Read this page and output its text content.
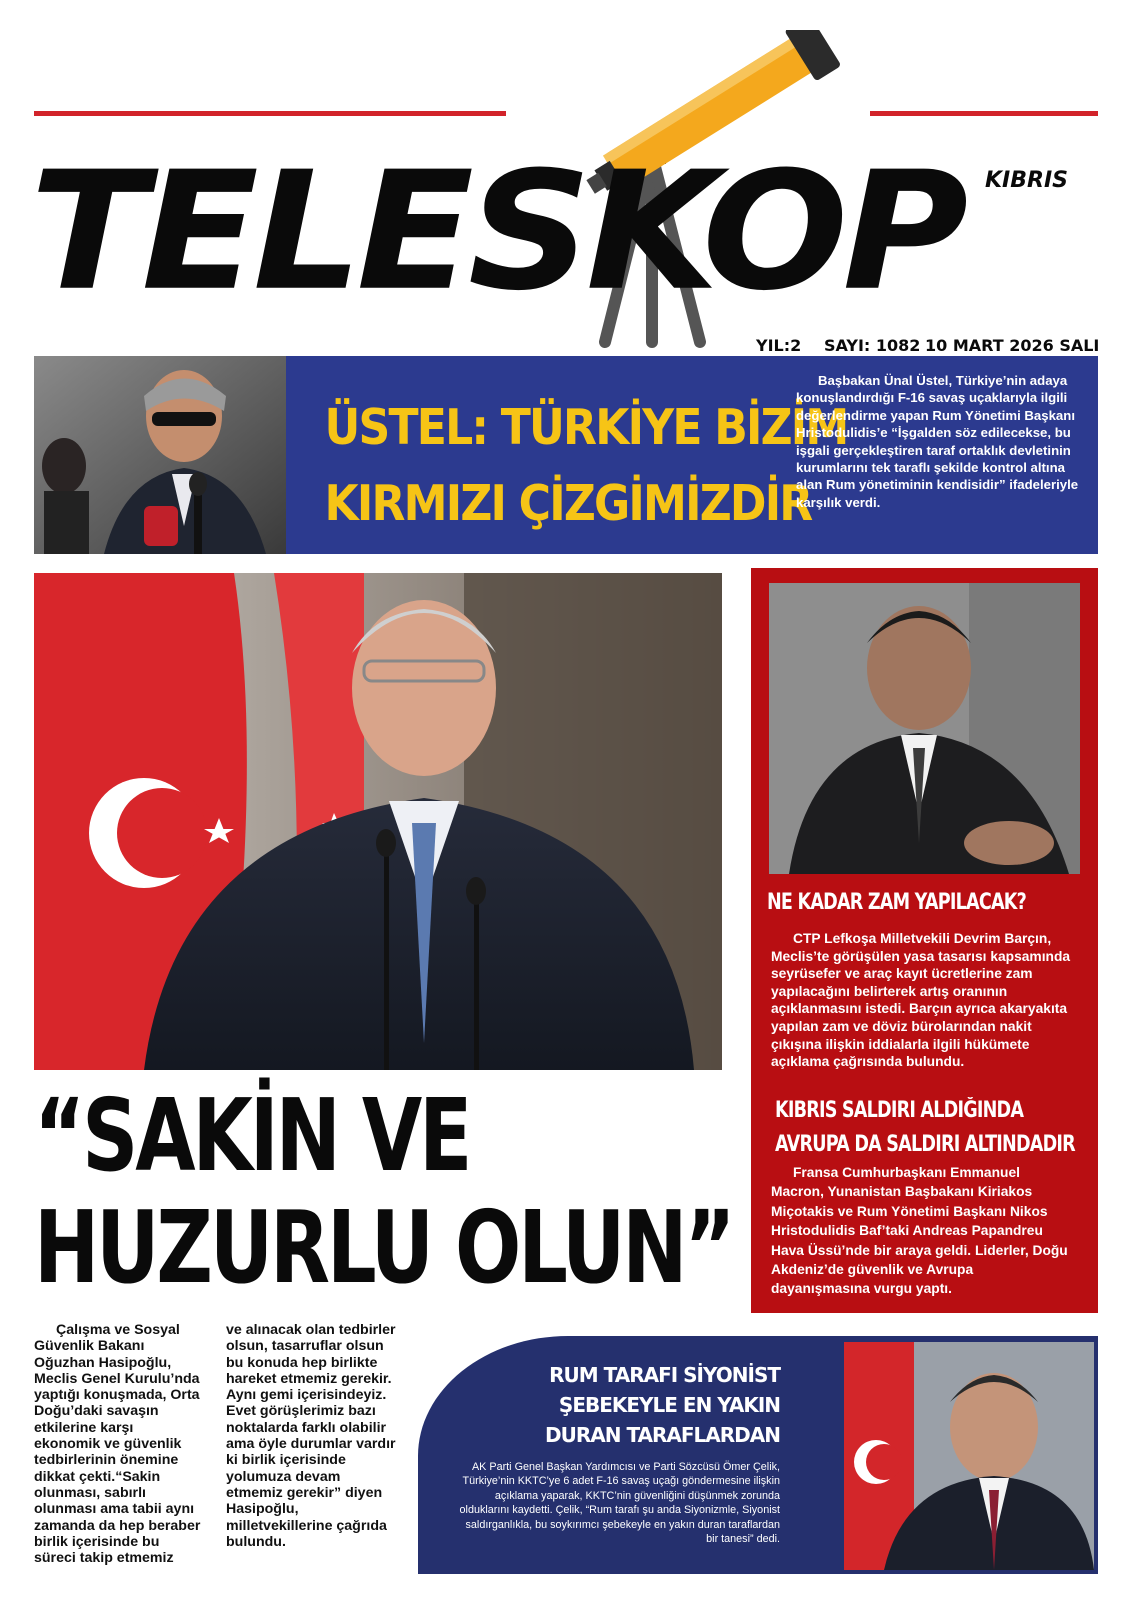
TELESKOP KIBRIS
YIL:2 SAYI: 1082 10 MART 2026 SALI
ÜSTEL: TÜRKİYE BİZİM
KIRMIZI ÇİZGİMİZDİR
Başbakan Ünal Üstel, Türkiye’nin adaya konuşlandırdığı F-16 savaş uçaklarıyla ilgili değerlendirme yapan Rum Yönetimi Başkanı Hristodulidis’e “İşgalden söz edilecekse, bu işgali gerçekleştiren taraf ortaklık devletinin kurumlarını tek taraflı şekilde kontrol altına alan Rum yönetiminin kendisidir” ifadeleriyle karşılık verdi.
NE KADAR ZAM YAPILACAK?
CTP Lefkoşa Milletvekili Devrim Barçın, Meclis’te görüşülen yasa tasarısı kapsamında seyrüsefer ve araç kayıt ücretlerine zam yapılacağını belirterek artış oranının açıklanmasını istedi. Barçın ayrıca akaryakıta yapılan zam ve döviz bürolarından nakit çıkışına ilişkin iddialarla ilgili hükümete açıklama çağrısında bulundu.
KIBRIS SALDIRI ALDIĞINDA
AVRUPA DA SALDIRI ALTINDADIR
Fransa Cumhurbaşkanı Emmanuel Macron, Yunanistan Başbakanı Kiriakos Miçotakis ve Rum Yönetimi Başkanı Nikos Hristodulidis Baf’taki Andreas Papandreu Hava Üssü’nde bir araya geldi. Liderler, Doğu Akdeniz’de güvenlik ve Avrupa dayanışmasına vurgu yaptı.
“SAKİN VE
HUZURLU OLUN”
Çalışma ve Sosyal Güvenlik Bakanı Oğuzhan Hasipoğlu, Meclis Genel Kurulu’nda yaptığı konuşmada, Orta Doğu’daki savaşın etkilerine karşı ekonomik ve güvenlik tedbirlerinin önemine dikkat çekti.“Sakin olunması, sabırlı olunması ama tabii aynı zamanda da hep beraber birlik içerisinde bu süreci takip etmemiz
ve alınacak olan tedbirler olsun, tasarruflar olsun bu konuda hep birlikte hareket etmemiz gerekir. Aynı gemi içerisindeyiz. Evet görüşlerimiz bazı noktalarda farklı olabilir ama öyle durumlar vardır ki birlik içerisinde yolumuza devam etmemiz gerekir” diyen Hasipoğlu, milletvekillerine çağrıda bulundu.
RUM TARAFI SİYONİST
ŞEBEKEYLE EN YAKIN
DURAN TARAFLARDAN
AK Parti Genel Başkan Yardımcısı ve Parti Sözcüsü Ömer Çelik, Türkiye’nin KKTC’ye 6 adet F-16 savaş uçağı göndermesine ilişkin açıklama yaparak, KKTC’nin güvenliğini düşünmek zorunda olduklarını kaydetti. Çelik, “Rum tarafı şu anda Siyonizmle, Siyonist saldırganlıkla, bu soykırımcı şebekeyle en yakın duran taraflardan bir tanesi” dedi.
